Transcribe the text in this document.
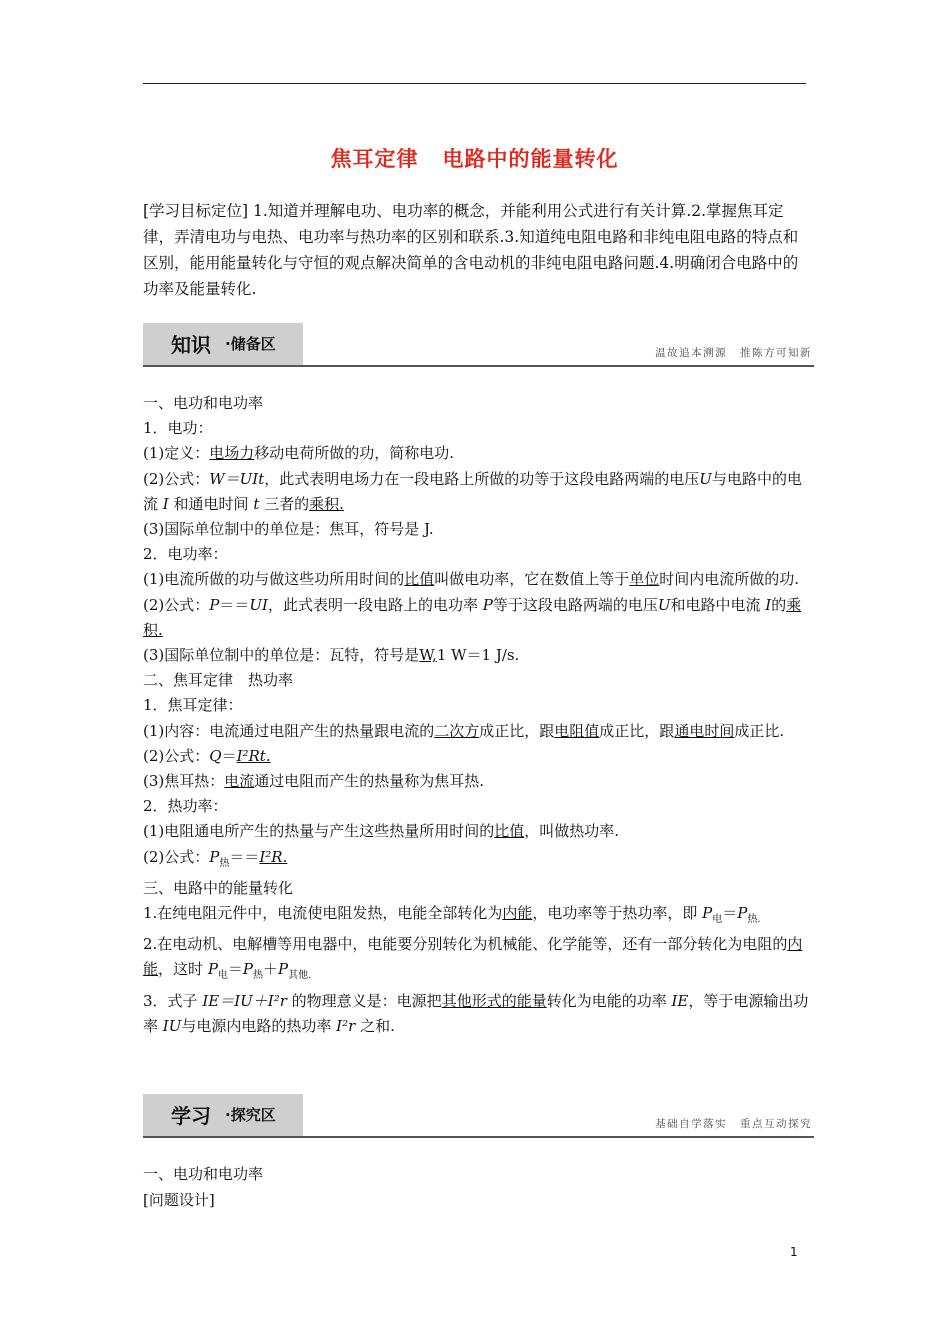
焦耳定律 电路中的能量转化
[学习目标定位] 1.知道并理解电功、电功率的概念，并能利用公式进行有关计算.2.掌握焦耳定律，弄清电功与电热、电功率与热功率的区别和联系.3.知道纯电阻电路和非纯电阻电路的特点和区别，能用能量转化与守恒的观点解决简单的含电动机的非纯电阻电路问题.4.明确闭合电路中的功率及能量转化.
知识 ·储备区	温故追本溯源 推陈方可知新

一、电功和电功率

1．电功：

(1)定义：电场力移动电荷所做的功，简称电功.

(2)公式：W＝UIt，此式表明电场力在一段电路上所做的功等于这段电路两端的电压U与电路中的电流 I 和通电时间 t 三者的乘积.

(3)国际单位制中的单位是：焦耳，符号是 J.

2．电功率：

(1)电流所做的功与做这些功所用时间的比值叫做电功率，它在数值上等于单位时间内电流所做的功.

(2)公式：P＝＝UI，此式表明一段电路上的电功率 P等于这段电路两端的电压U和电路中电流 I的乘积.

(3)国际单位制中的单位是：瓦特，符号是W,1 W＝1 J/s.

二、焦耳定律　热功率

1．焦耳定律：

(1)内容：电流通过电阻产生的热量跟电流的二次方成正比，跟电阻值成正比，跟通电时间成正比.

(2)公式：Q＝I²Rt.

(3)焦耳热：电流通过电阻而产生的热量称为焦耳热.

2．热功率：

(1)电阻通电所产生的热量与产生这些热量所用时间的比值，叫做热功率.

(2)公式：$P_热==I^2R$.

三、电路中的能量转化

1.在纯电阻元件中，电流使电阻发热，电能全部转化为内能，电功率等于热功率，即 $P_电=P_{热.}$

2.在电动机、电解槽等用电器中，电能要分别转化为机械能、化学能等，还有一部分转化为电阻的内能，这时 $P_电=P_热+P_{其他.}$

3．式子 IE＝IU＋I²r 的物理意义是：电源把其他形式的能量转化为电能的功率 IE，等于电源输出功率 IU与电源内电路的热功率 I²r 之和.

学习 ·探究区	基础自学落实 重点互动探究

一、电功和电功率

[问题设计]

1
